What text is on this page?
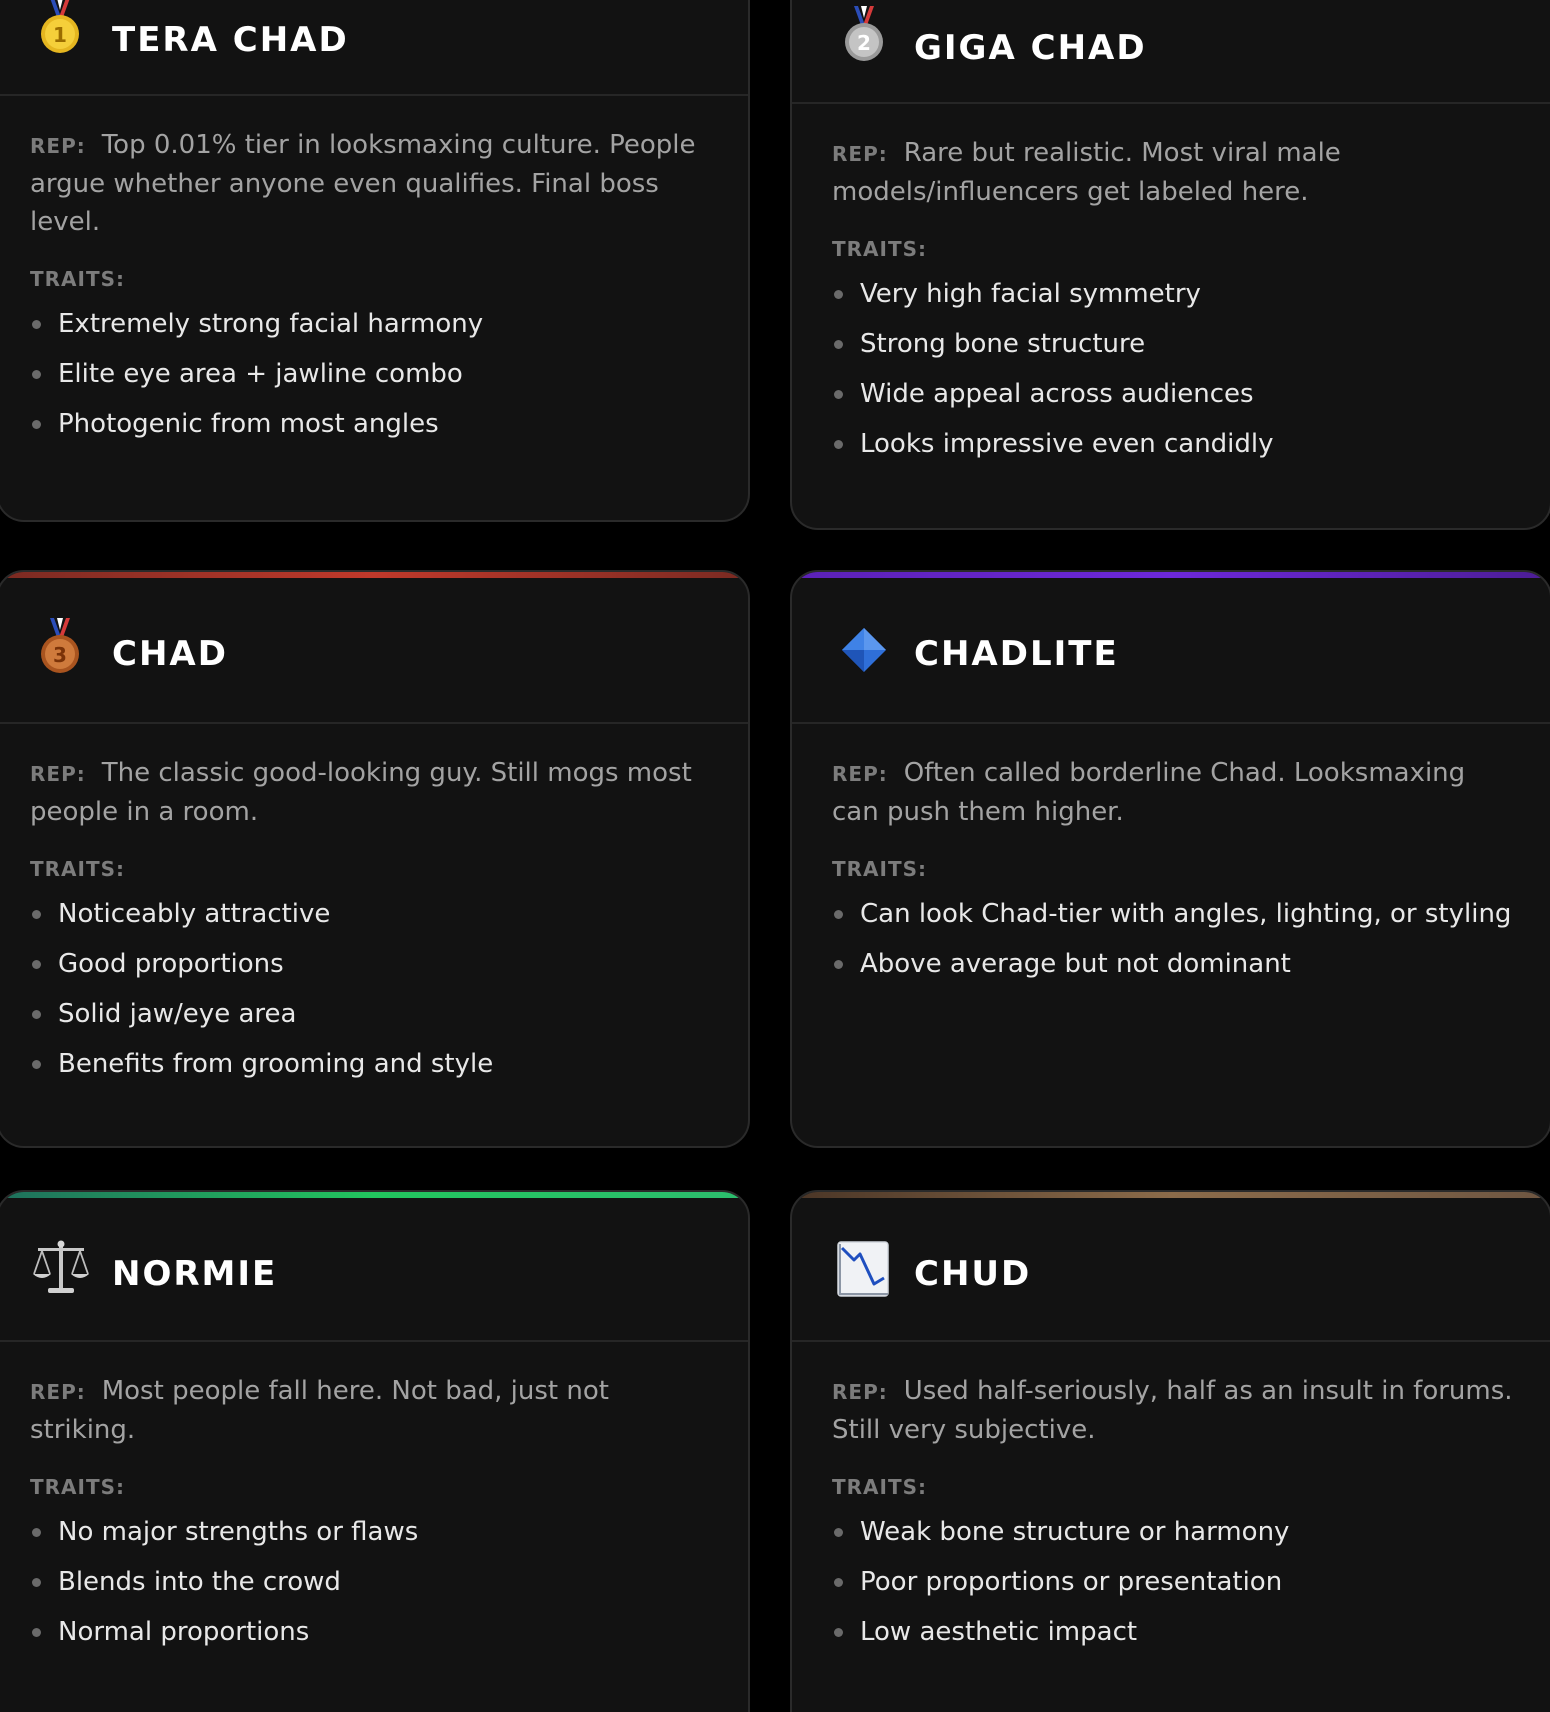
1 TERA CHAD

REP: Top 0.01% tier in looksmaxing culture. People argue whether anyone even qualifies. Final boss level.

TRAITS:
Extremely strong facial harmony
Elite eye area + jawline combo
Photogenic from most angles
2 GIGA CHAD

REP: Rare but realistic. Most viral male models/influencers get labeled here.

TRAITS:
Very high facial symmetry
Strong bone structure
Wide appeal across audiences
Looks impressive even candidly
3 CHAD

REP: The classic good-looking guy. Still mogs most people in a room.

TRAITS:
Noticeably attractive
Good proportions
Solid jaw/eye area
Benefits from grooming and style
CHADLITE

REP: Often called borderline Chad. Looksmaxing can push them higher.

TRAITS:
Can look Chad-tier with angles, lighting, or styling
Above average but not dominant
NORMIE

REP: Most people fall here. Not bad, just not striking.

TRAITS:
No major strengths or flaws
Blends into the crowd
Normal proportions
CHUD

REP: Used half-seriously, half as an insult in forums. Still very subjective.

TRAITS:
Weak bone structure or harmony
Poor proportions or presentation
Low aesthetic impact
